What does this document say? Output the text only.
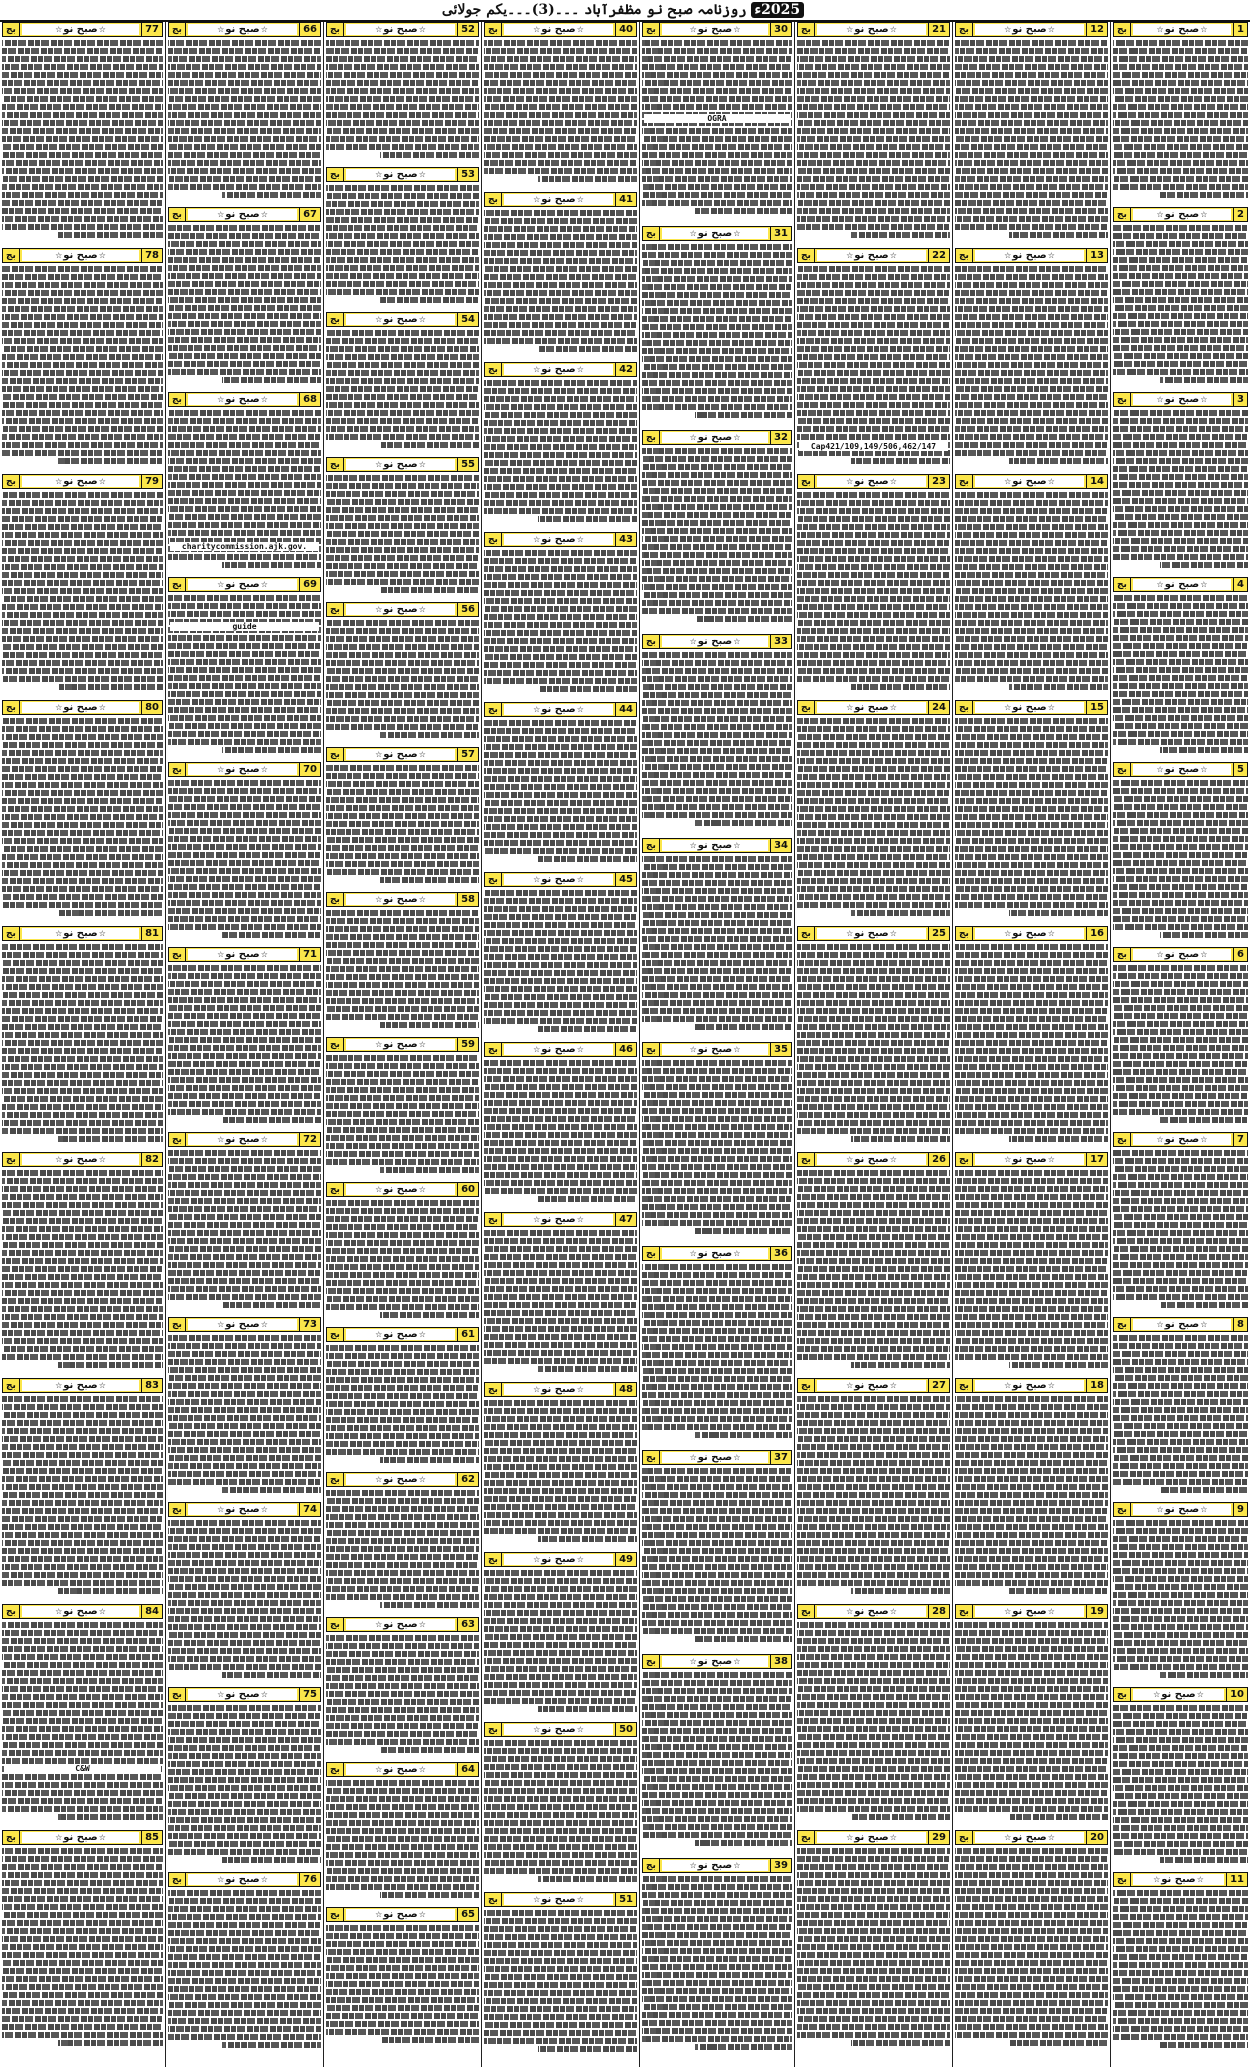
روزنامہ صبح نو مظفرآباد ۔۔۔(3)۔۔۔یکم جولائی 2025ء
1
☆صبح نو☆
بج

2
☆صبح نو☆
بج

3
☆صبح نو☆
بج

4
☆صبح نو☆
بج

5
☆صبح نو☆
بج

6
☆صبح نو☆
بج

7
☆صبح نو☆
بج

8
☆صبح نو☆
بج

9
☆صبح نو☆
بج

10
☆صبح نو☆
بج

11
☆صبح نو☆
بج

12
☆صبح نو☆
بج

13
☆صبح نو☆
بج

14
☆صبح نو☆
بج

15
☆صبح نو☆
بج

16
☆صبح نو☆
بج

17
☆صبح نو☆
بج

18
☆صبح نو☆
بج

19
☆صبح نو☆
بج

20
☆صبح نو☆
بج

21
☆صبح نو☆
بج

22
☆صبح نو☆
بج

23
☆صبح نو☆
بج

24
☆صبح نو☆
بج

25
☆صبح نو☆
بج

26
☆صبح نو☆
بج

27
☆صبح نو☆
بج

28
☆صبح نو☆
بج

29
☆صبح نو☆
بج

Cap421/109,149/506,462/147
30
☆صبح نو☆
بج

31
☆صبح نو☆
بج

32
☆صبح نو☆
بج

33
☆صبح نو☆
بج

34
☆صبح نو☆
بج

35
☆صبح نو☆
بج

36
☆صبح نو☆
بج

37
☆صبح نو☆
بج

38
☆صبح نو☆
بج

39
☆صبح نو☆
بج

OGRA
40
☆صبح نو☆
بج

41
☆صبح نو☆
بج

42
☆صبح نو☆
بج

43
☆صبح نو☆
بج

44
☆صبح نو☆
بج

45
☆صبح نو☆
بج

46
☆صبح نو☆
بج

47
☆صبح نو☆
بج

48
☆صبح نو☆
بج

49
☆صبح نو☆
بج

50
☆صبح نو☆
بج

51
☆صبح نو☆
بج

52
☆صبح نو☆
بج

53
☆صبح نو☆
بج

54
☆صبح نو☆
بج

55
☆صبح نو☆
بج

56
☆صبح نو☆
بج

57
☆صبح نو☆
بج

58
☆صبح نو☆
بج

59
☆صبح نو☆
بج

60
☆صبح نو☆
بج

61
☆صبح نو☆
بج

62
☆صبح نو☆
بج

63
☆صبح نو☆
بج

64
☆صبح نو☆
بج

65
☆صبح نو☆
بج

66
☆صبح نو☆
بج

67
☆صبح نو☆
بج

68
☆صبح نو☆
بج

69
☆صبح نو☆
بج

70
☆صبح نو☆
بج

71
☆صبح نو☆
بج

72
☆صبح نو☆
بج

73
☆صبح نو☆
بج

74
☆صبح نو☆
بج

75
☆صبح نو☆
بج

76
☆صبح نو☆
بج

charitycommission.ajk.gov.
guide
77
☆صبح نو☆
بج

78
☆صبح نو☆
بج

79
☆صبح نو☆
بج

80
☆صبح نو☆
بج

81
☆صبح نو☆
بج

82
☆صبح نو☆
بج

83
☆صبح نو☆
بج

84
☆صبح نو☆
بج

85
☆صبح نو☆
بج

C&W
